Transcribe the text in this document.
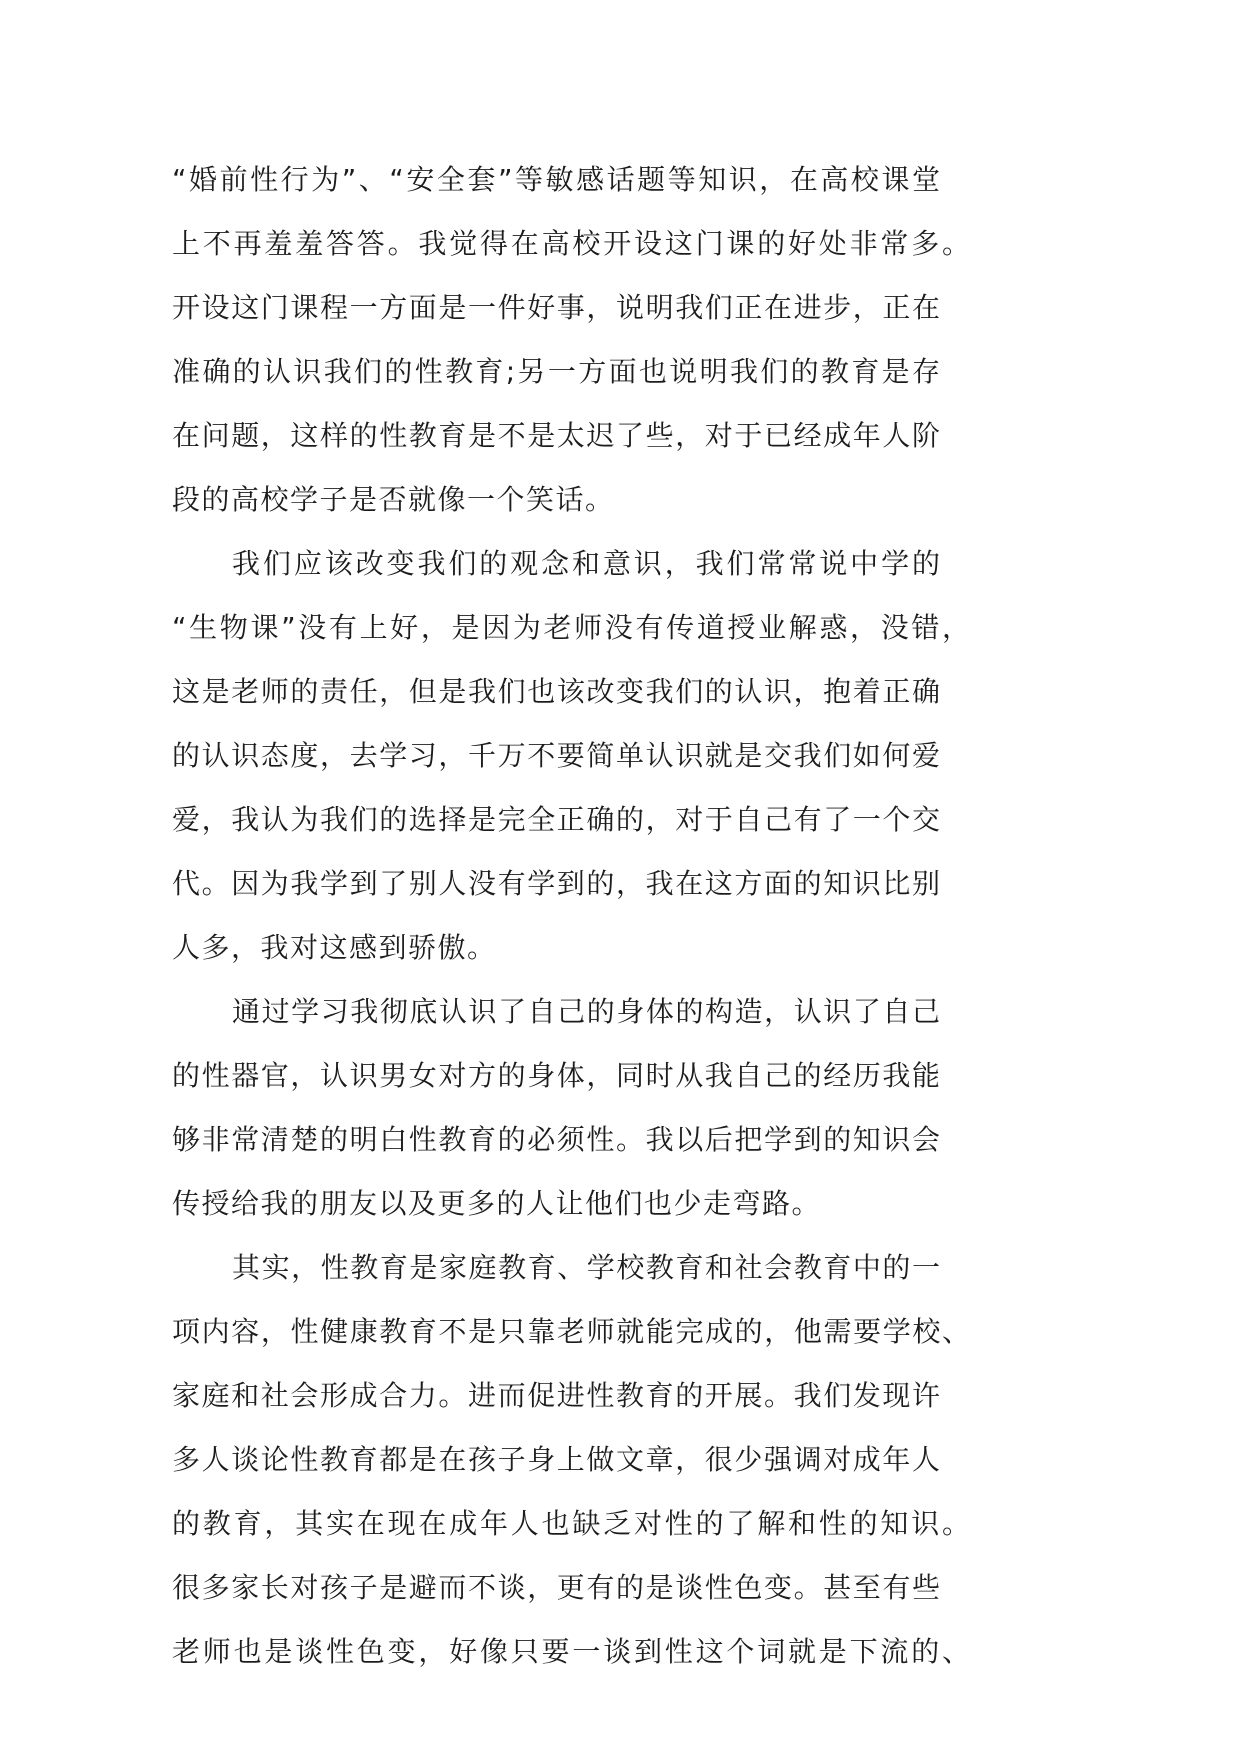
“婚前性行为”、“安全套”等敏感话题等知识，在高校课堂
上不再羞羞答答。我觉得在高校开设这门课的好处非常多。
开设这门课程一方面是一件好事，说明我们正在进步，正在
准确的认识我们的性教育;另一方面也说明我们的教育是存
在问题，这样的性教育是不是太迟了些，对于已经成年人阶
段的高校学子是否就像一个笑话。
我们应该改变我们的观念和意识，我们常常说中学的
“生物课”没有上好，是因为老师没有传道授业解惑，没错，
这是老师的责任，但是我们也该改变我们的认识，抱着正确
的认识态度，去学习，千万不要简单认识就是交我们如何爱
爱，我认为我们的选择是完全正确的，对于自己有了一个交
代。因为我学到了别人没有学到的，我在这方面的知识比别
人多，我对这感到骄傲。
通过学习我彻底认识了自己的身体的构造，认识了自己
的性器官，认识男女对方的身体，同时从我自己的经历我能
够非常清楚的明白性教育的必须性。我以后把学到的知识会
传授给我的朋友以及更多的人让他们也少走弯路。
其实，性教育是家庭教育、学校教育和社会教育中的一
项内容，性健康教育不是只靠老师就能完成的，他需要学校、
家庭和社会形成合力。进而促进性教育的开展。我们发现许
多人谈论性教育都是在孩子身上做文章，很少强调对成年人
的教育，其实在现在成年人也缺乏对性的了解和性的知识。
很多家长对孩子是避而不谈，更有的是谈性色变。甚至有些
老师也是谈性色变，好像只要一谈到性这个词就是下流的、
